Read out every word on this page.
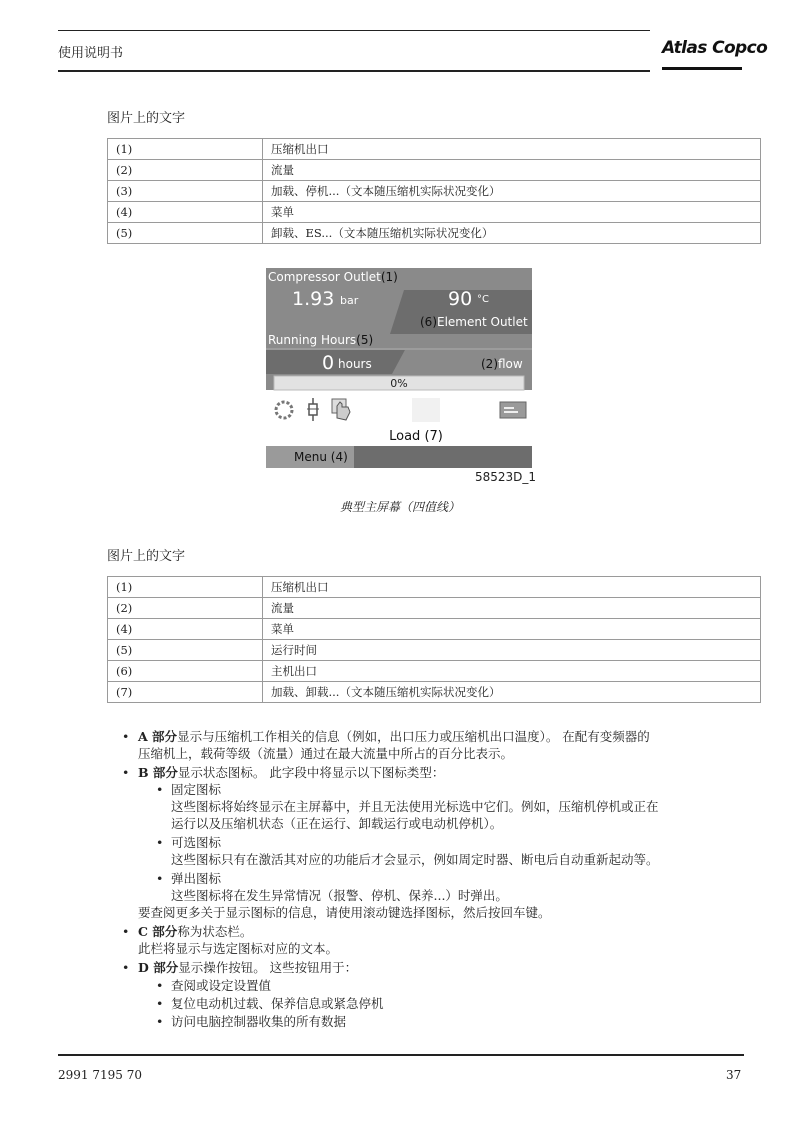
使用说明书	Atlas Copco
图片上的文字
(1)	压缩机出口
(2)	流量
(3)	加载、停机...（文本随压缩机实际状况变化）
(4)	菜单
(5)	卸载、ES...（文本随压缩机实际状况变化）
Compressor Outlet(1)
1.93 bar	90 °C
(6)Element Outlet
Running Hours(5)
0 hours	(2)flow
0%
Load (7)
Menu (4)
58523D_1
典型主屏幕（四值线）
图片上的文字
(1)	压缩机出口
(2)	流量
(4)	菜单
(5)	运行时间
(6)	主机出口
(7)	加载、卸载...（文本随压缩机实际状况变化）
• A 部分显示与压缩机工作相关的信息（例如，出口压力或压缩机出口温度）。 在配有变频器的
压缩机上，载荷等级（流量）通过在最大流量中所占的百分比表示。
• B 部分显示状态图标。 此字段中将显示以下图标类型：
• 固定图标
这些图标将始终显示在主屏幕中，并且无法使用光标选中它们。例如，压缩机停机或正在
运行以及压缩机状态（正在运行、卸载运行或电动机停机）。
• 可选图标
这些图标只有在激活其对应的功能后才会显示，例如周定时器、断电后自动重新起动等。
• 弹出图标
这些图标将在发生异常情况（报警、停机、保养...）时弹出。
要查阅更多关于显示图标的信息，请使用滚动键选择图标，然后按回车键。
• C 部分称为状态栏。
此栏将显示与选定图标对应的文本。
• D 部分显示操作按钮。 这些按钮用于：
• 查阅或设定设置值
• 复位电动机过载、保养信息或紧急停机
• 访问电脑控制器收集的所有数据
2991 7195 70	37
